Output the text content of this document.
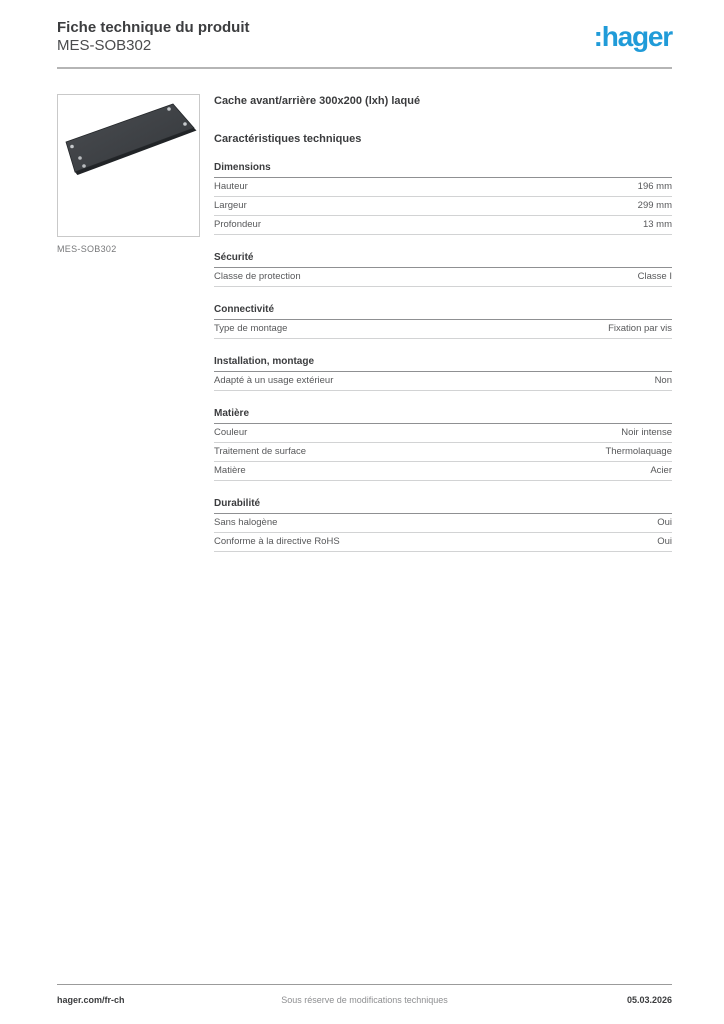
Fiche technique du produit
MES-SOB302	:hager
MES-SOB302

Cache avant/arrière 300x200 (lxh) laqué

Caractéristiques techniques

Dimensions
Hauteur	196 mm
Largeur	299 mm
Profondeur	13 mm
Sécurité
Classe de protection	Classe I
Connectivité
Type de montage	Fixation par vis
Installation, montage
Adapté à un usage extérieur	Non
Matière
Couleur	Noir intense
Traitement de surface	Thermolaquage
Matière	Acier
Durabilité
Sans halogène	Oui
Conforme à la directive RoHS	Oui
hager.com/fr-ch	Sous réserve de modifications techniques	05.03.2026
